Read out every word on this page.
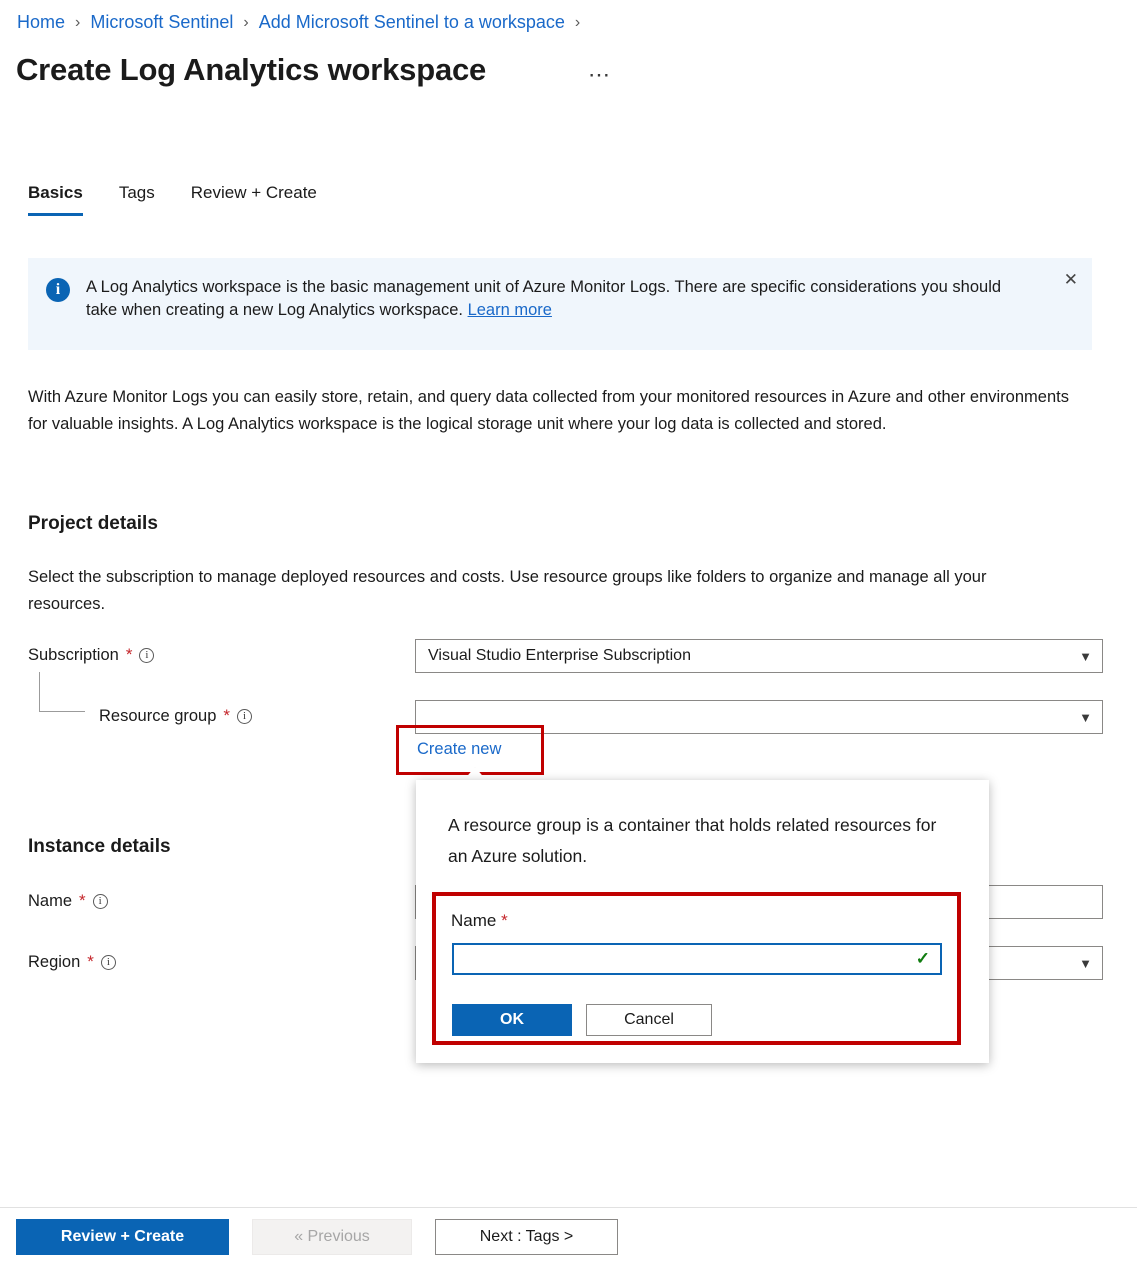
Home › Microsoft Sentinel › Add Microsoft Sentinel to a workspace ›
Create Log Analytics workspace	⋯
Basics Tags Review + Create
i	A Log Analytics workspace is the basic management unit of Azure Monitor Logs. There are specific considerations you should take when creating a new Log Analytics workspace. Learn more
✕
With Azure Monitor Logs you can easily store, retain, and query data collected from your monitored resources in Azure and other environments for valuable insights. A Log Analytics workspace is the logical storage unit where your log data is collected and stored.
Project details
Select the subscription to manage deployed resources and costs. Use resource groups like folders to organize and manage all your resources.
Subscription *	i	Visual Studio Enterprise Subscription	▼
Resource group *	i	▼
Create new
Instance details
Name *	i
Region *	i	▼
A resource group is a container that holds related resources for an Azure solution.
Name *
✓
OK	Cancel
Review + Create	« Previous	Next : Tags >
